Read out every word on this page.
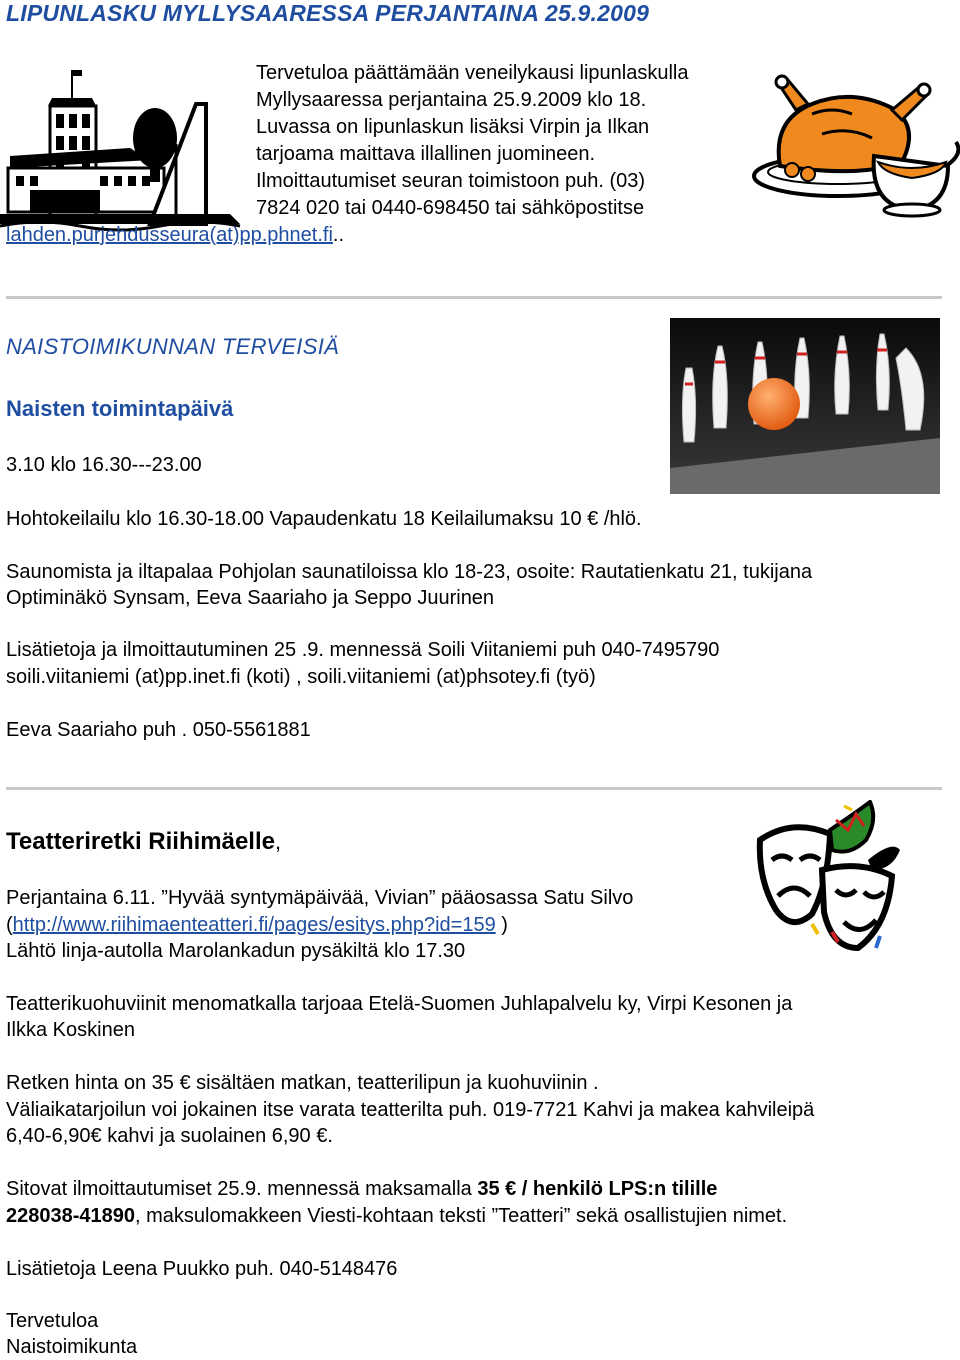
LIPUNLASKU MYLLYSAARESSA PERJANTAINA 25.9.2009
Tervetuloa päättämään veneilykausi lipunlaskulla
Myllysaaressa perjantaina 25.9.2009 klo 18.
Luvassa on lipunlaskun lisäksi Virpin ja Ilkan
tarjoama maittava illallinen juomineen.
Ilmoittautumiset seuran toimistoon puh. (03)
7824 020 tai 0440-698450 tai sähköpostitse
lahden.purjehdusseura(at)pp.phnet.fi..
NAISTOIMIKUNNAN TERVEISIÄ
Naisten toimintapäivä
3.10 klo 16.30---23.00
Hohtokeilailu klo 16.30-18.00 Vapaudenkatu 18 Keilailumaksu 10 € /hlö.
Saunomista ja iltapalaa Pohjolan saunatiloissa klo 18-23, osoite: Rautatienkatu 21, tukijana
Optiminäkö Synsam, Eeva Saariaho ja Seppo Juurinen
Lisätietoja ja ilmoittautuminen 25 .9. mennessä Soili Viitaniemi puh 040-7495790
soili.viitaniemi (at)pp.inet.fi (koti) , soili.viitaniemi (at)phsotey.fi (työ)
Eeva Saariaho puh . 050-5561881
Teatteriretki Riihimäelle,
Perjantaina 6.11. ”Hyvää syntymäpäivää, Vivian” pääosassa Satu Silvo
(http://www.riihimaenteatteri.fi/pages/esitys.php?id=159 )
Lähtö linja-autolla Marolankadun pysäkiltä klo 17.30
Teatterikuohuviinit menomatkalla tarjoaa Etelä-Suomen Juhlapalvelu ky, Virpi Kesonen ja
Ilkka Koskinen
Retken hinta on 35 € sisältäen matkan, teatterilipun ja kuohuviinin .
Väliaikatarjoilun voi jokainen itse varata teatterilta puh. 019-7721 Kahvi ja makea kahvileipä
6,40-6,90€ kahvi ja suolainen 6,90 €.
Sitovat ilmoittautumiset 25.9. mennessä maksamalla 35 € / henkilö LPS:n tilille
228038-41890, maksulomakkeen Viesti-kohtaan teksti ”Teatteri” sekä osallistujien nimet.
Lisätietoja Leena Puukko puh. 040-5148476
Tervetuloa
Naistoimikunta
